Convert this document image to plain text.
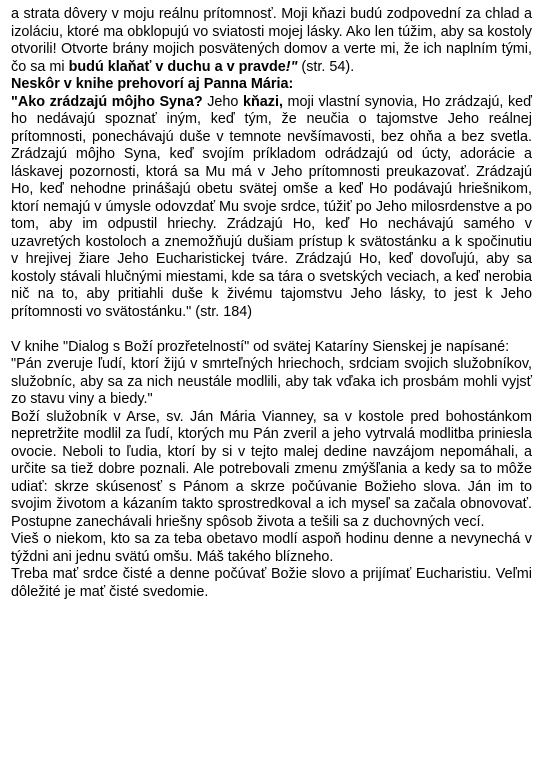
a strata dôvery v moju reálnu prítomnosť. Moji kňazi budú zodpovední za chlad a izoláciu, ktoré ma obklopujú vo sviatosti mojej lásky. Ako len túžim, aby sa kostoly otvorili! Otvorte brány mojich posvätených domov a verte mi, že ich naplním tými, čo sa mi budú klaňať v duchu a v pravde!" (str. 54).

Neskôr v knihe prehovorí aj Panna Mária:

"Ako zrádzajú môjho Syna? Jeho kňazi, moji vlastní synovia, Ho zrádzajú, keď ho nedávajú spoznať iným, keď tým, že neučia o tajomstve Jeho reálnej prítomnosti, ponechávajú duše v temnote nevšímavosti, bez ohňa a bez svetla. Zrádzajú môjho Syna, keď svojím príkladom odrádzajú od úcty, adorácie a láskavej pozornosti, ktorá sa Mu má v Jeho prítomnosti preukazovať. Zrádzajú Ho, keď nehodne prinášajú obetu svätej omše a keď Ho podávajú hriešnikom, ktorí nemajú v úmysle odovzdať Mu svoje srdce, túžiť po Jeho milosrdenstve a po tom, aby im odpustil hriechy. Zrádzajú Ho, keď Ho nechávajú samého v uzavretých kostoloch a znemožňujú dušiam prístup k svätostánku a k spočinutiu v hrejivej žiare Jeho Eucharistickej tváre. Zrádzajú Ho, keď dovoľujú, aby sa kostoly stávali hlučnými miestami, kde sa tára o svetských veciach, a keď nerobia nič na to, aby pritiahli duše k živému tajomstvu Jeho lásky, to jest k Jeho prítomnosti vo svätostánku." (str. 184)

V knihe "Dialog s Boží prozřetelností" od svätej Kataríny Sienskej je napísané:

"Pán zveruje ľudí, ktorí žijú v smrteľných hriechoch, srdciam svojich služobníkov, služobníc, aby sa za nich neustále modlili, aby tak vďaka ich prosbám mohli vyjsť zo stavu viny a biedy."

Boží služobník v Arse, sv. Ján Mária Vianney, sa v kostole pred bohostánkom nepretržite modlil za ľudí, ktorých mu Pán zveril a jeho vytrvalá modlitba priniesla ovocie. Neboli to ľudia, ktorí by si v tejto malej dedine navzájom nepomáhali, a určite sa tiež dobre poznali. Ale potrebovali zmenu zmýšľania a kedy sa to môže udiať: skrze skúsenosť s Pánom a skrze počúvanie Božieho slova. Ján im to svojim životom a kázaním takto sprostredkoval a ich myseľ sa začala obnovovať. Postupne zanechávali hriešny spôsob života a tešili sa z duchovných vecí.

Vieš o niekom, kto sa za teba obetavo modlí aspoň hodinu denne a nevynechá v týždni ani jednu svätú omšu. Máš takého blízneho.

Treba mať srdce čisté a denne počúvať Božie slovo a prijímať Eucharistiu. Veľmi dôležité je mať čisté svedomie.
